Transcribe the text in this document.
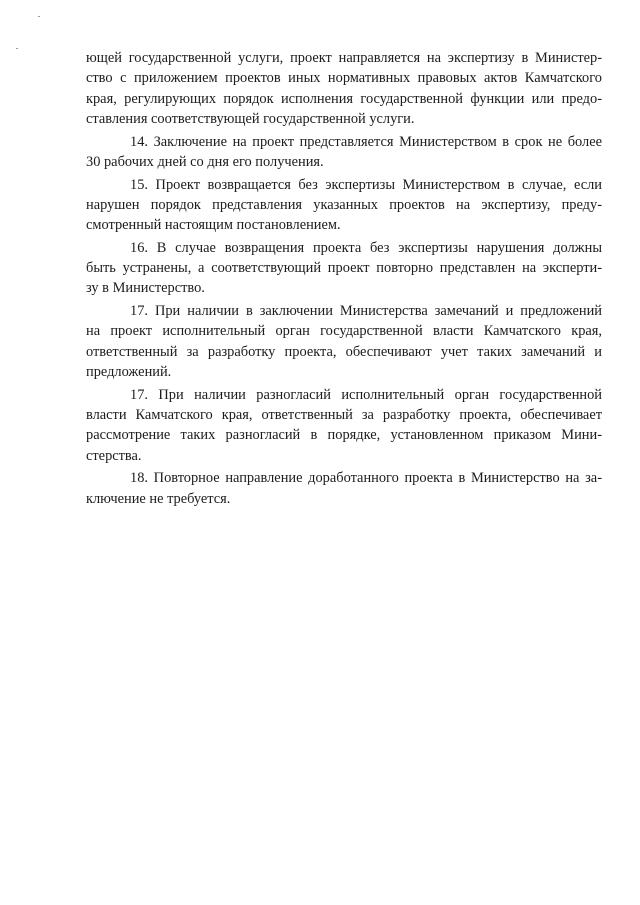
ющей государственной услуги, проект направляется на экспертизу в Министер-
ство с приложением проектов иных нормативных правовых актов Камчатского
края, регулирующих порядок исполнения государственной функции или предо-
ставления соответствующей государственной услуги.
14. Заключение на проект представляется Министерством в срок не более
30 рабочих дней со дня его получения.
15. Проект возвращается без экспертизы Министерством в случае, если
нарушен порядок представления указанных проектов на экспертизу, преду-
смотренный настоящим постановлением.
16. В случае возвращения проекта без экспертизы нарушения должны
быть устранены, а соответствующий проект повторно представлен на эксперти-
зу в Министерство.
17. При наличии в заключении Министерства замечаний и предложений
на проект исполнительный орган государственной власти Камчатского края,
ответственный за разработку проекта, обеспечивают учет таких замечаний и
предложений.
17. При наличии разногласий исполнительный орган государственной
власти Камчатского края, ответственный за разработку проекта, обеспечивает
рассмотрение таких разногласий в порядке, установленном приказом Мини-
стерства.
18. Повторное направление доработанного проекта в Министерство на за-
ключение не требуется.
